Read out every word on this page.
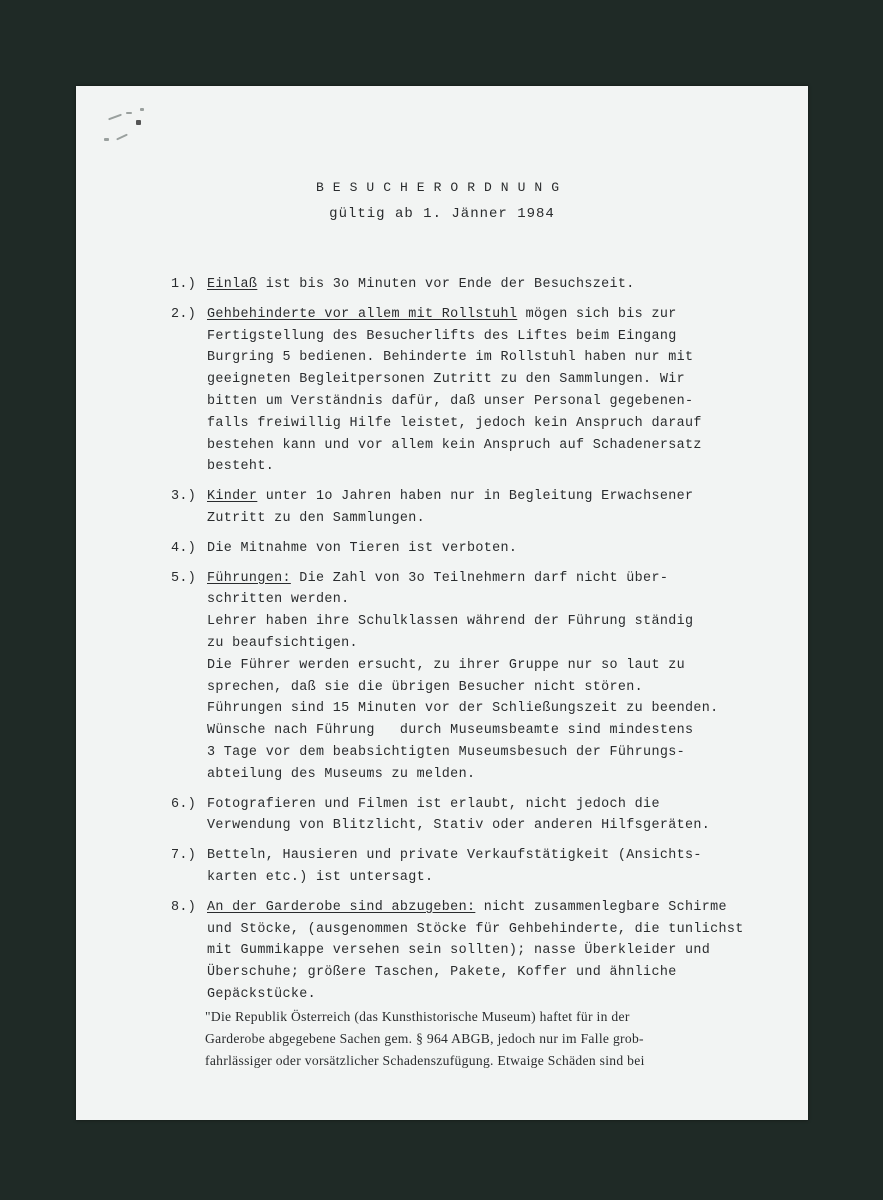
BESUCHERORDNUNG
gültig ab 1. Jänner 1984
1.) Einlaß ist bis 3o Minuten vor Ende der Besuchszeit.
2.) Gehbehinderte vor allem mit Rollstuhl mögen sich bis zur
Fertigstellung des Besucherlifts des Liftes beim Eingang
Burgring 5 bedienen. Behinderte im Rollstuhl haben nur mit
geeigneten Begleitpersonen Zutritt zu den Sammlungen. Wir
bitten um Verständnis dafür, daß unser Personal gegebenen-
falls freiwillig Hilfe leistet, jedoch kein Anspruch darauf
bestehen kann und vor allem kein Anspruch auf Schadenersatz
besteht.
3.) Kinder unter 1o Jahren haben nur in Begleitung Erwachsener
Zutritt zu den Sammlungen.
4.) Die Mitnahme von Tieren ist verboten.
5.) Führungen: Die Zahl von 3o Teilnehmern darf nicht über-
schritten werden.
Lehrer haben ihre Schulklassen während der Führung ständig
zu beaufsichtigen.
Die Führer werden ersucht, zu ihrer Gruppe nur so laut zu
sprechen, daß sie die übrigen Besucher nicht stören.
Führungen sind 15 Minuten vor der Schließungszeit zu beenden.
Wünsche nach Führung   durch Museumsbeamte sind mindestens
3 Tage vor dem beabsichtigten Museumsbesuch der Führungs-
abteilung des Museums zu melden.
6.) Fotografieren und Filmen ist erlaubt, nicht jedoch die
Verwendung von Blitzlicht, Stativ oder anderen Hilfsgeräten.
7.) Betteln, Hausieren und private Verkaufstätigkeit (Ansichts-
karten etc.) ist untersagt.
8.) An der Garderobe sind abzugeben: nicht zusammenlegbare Schirme
und Stöcke, (ausgenommen Stöcke für Gehbehinderte, die tunlichst
mit Gummikappe versehen sein sollten); nasse Überkleider und
Überschuhe; größere Taschen, Pakete, Koffer und ähnliche
Gepäckstücke.
"Die Republik Österreich (das Kunsthistorische Museum) haftet für in der
Garderobe abgegebene Sachen gem. § 964 ABGB, jedoch nur im Falle grob-
fahrlässiger oder vorsätzlicher Schadenszufügung. Etwaige Schäden sind bei
